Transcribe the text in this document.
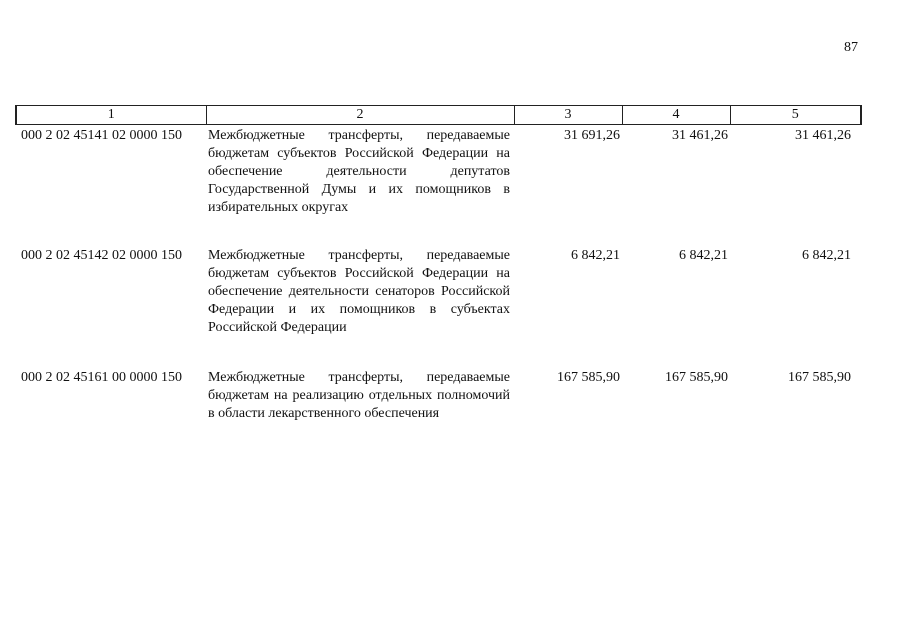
87
1	2	3	4	5
000 2 02 45141 02 0000 150	Межбюджетные трансферты, передаваемые бюджетам субъектов Российской Федерации на обеспечение деятельности депутатов Государственной Думы и их помощников в избирательных округах	31 691,26	31 461,26	31 461,26
000 2 02 45142 02 0000 150	Межбюджетные трансферты, передаваемые бюджетам субъектов Российской Федерации на обеспечение деятельности сенаторов Российской Федерации и их помощников в субъектах Российской Федерации	6 842,21	6 842,21	6 842,21
000 2 02 45161 00 0000 150	Межбюджетные трансферты, передаваемые бюджетам на реализацию отдельных полномочий в области лекарственного обеспечения	167 585,90	167 585,90	167 585,90
